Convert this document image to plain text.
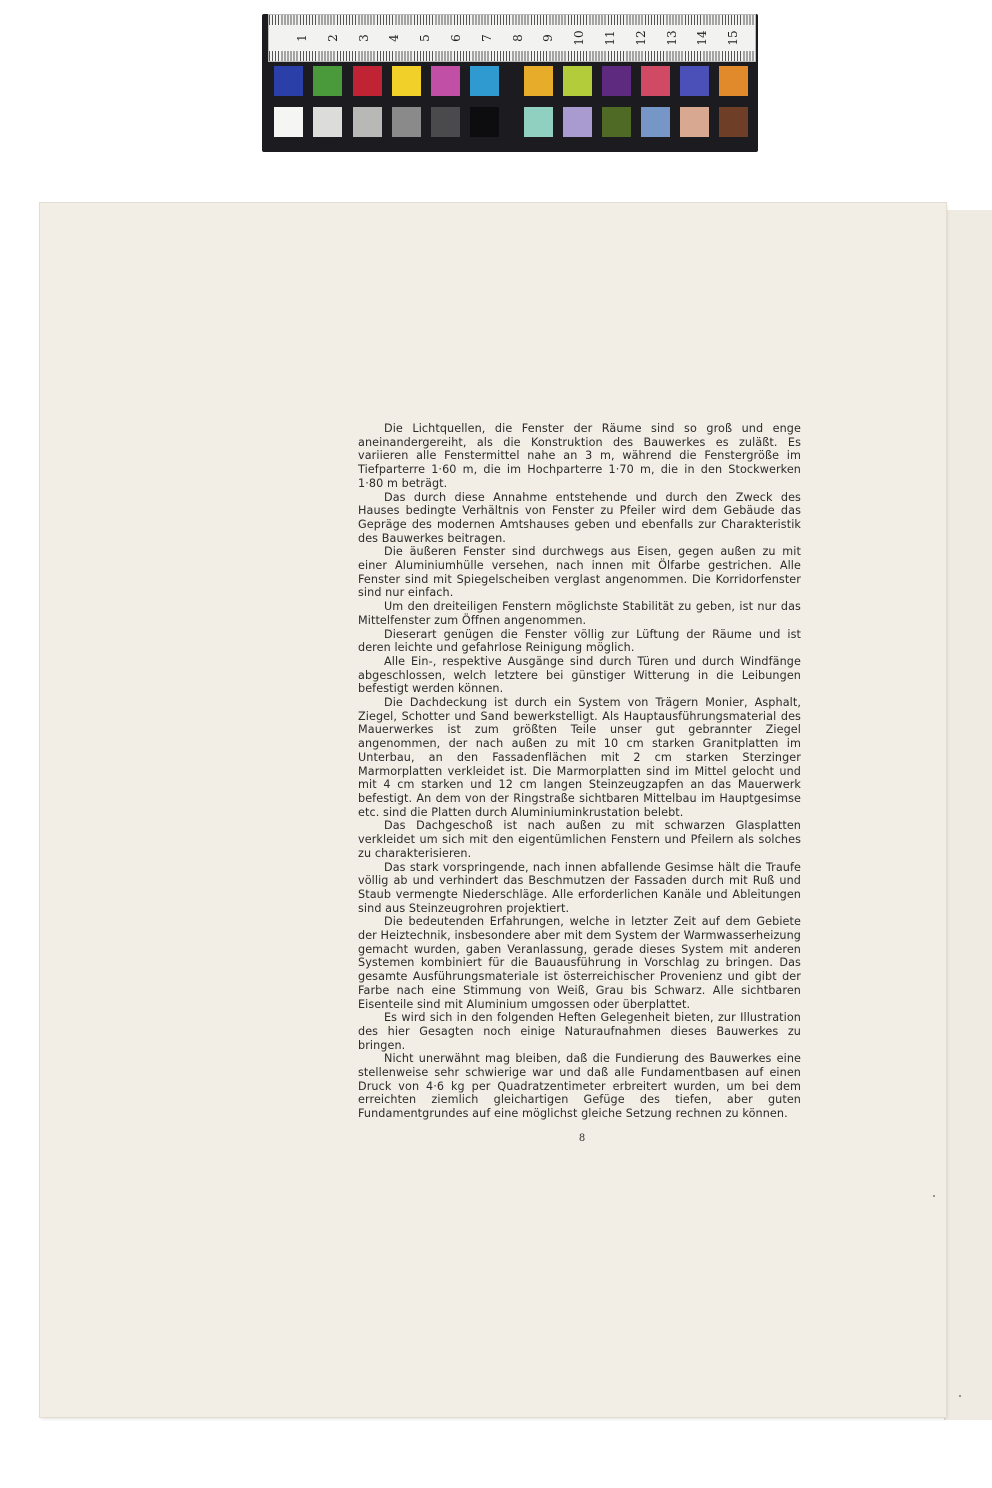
1 2 3 4 5 6 7 8 9 10 11 12 13 14 15

Die Lichtquellen, die Fenster der Räume sind so groß und enge aneinandergereiht, als die Konstruktion des Bauwerkes es zuläßt. Es variieren alle Fenstermittel nahe an 3 m, während die Fenstergröße im Tiefparterre 1·60 m, die im Hochparterre 1·70 m, die in den Stockwerken 1·80 m beträgt.

Das durch diese Annahme entstehende und durch den Zweck des Hauses bedingte Verhältnis von Fenster zu Pfeiler wird dem Gebäude das Gepräge des modernen Amtshauses geben und ebenfalls zur Charakteristik des Bauwerkes beitragen.

Die äußeren Fenster sind durchwegs aus Eisen, gegen außen zu mit einer Aluminiumhülle versehen, nach innen mit Ölfarbe gestrichen. Alle Fenster sind mit Spiegelscheiben verglast angenommen. Die Korridorfenster sind nur einfach.

Um den dreiteiligen Fenstern möglichste Stabilität zu geben, ist nur das Mittelfenster zum Öffnen angenommen.

Dieserart genügen die Fenster völlig zur Lüftung der Räume und ist deren leichte und gefahrlose Reinigung möglich.

Alle Ein-, respektive Ausgänge sind durch Türen und durch Windfänge abgeschlossen, welch letztere bei günstiger Witterung in die Leibungen befestigt werden können.

Die Dachdeckung ist durch ein System von Trägern Monier, Asphalt, Ziegel, Schotter und Sand bewerkstelligt. Als Hauptausführungsmaterial des Mauerwerkes ist zum größten Teile unser gut gebrannter Ziegel angenommen, der nach außen zu mit 10 cm starken Granitplatten im Unterbau, an den Fassadenflächen mit 2 cm starken Sterzinger Marmorplatten verkleidet ist. Die Marmorplatten sind im Mittel gelocht und mit 4 cm starken und 12 cm langen Steinzeugzapfen an das Mauerwerk befestigt. An dem von der Ringstraße sichtbaren Mittelbau im Hauptgesimse etc. sind die Platten durch Aluminiuminkrustation belebt.

Das Dachgeschoß ist nach außen zu mit schwarzen Glasplatten verkleidet um sich mit den eigentümlichen Fenstern und Pfeilern als solches zu charakterisieren.

Das stark vorspringende, nach innen abfallende Gesimse hält die Traufe völlig ab und verhindert das Beschmutzen der Fassaden durch mit Ruß und Staub vermengte Niederschläge. Alle erforderlichen Kanäle und Ableitungen sind aus Steinzeugrohren projektiert.

Die bedeutenden Erfahrungen, welche in letzter Zeit auf dem Gebiete der Heiztechnik, insbesondere aber mit dem System der Warmwasserheizung gemacht wurden, gaben Veranlassung, gerade dieses System mit anderen Systemen kombiniert für die Bauausführung in Vorschlag zu bringen. Das gesamte Ausführungsmateriale ist österreichischer Provenienz und gibt der Farbe nach eine Stimmung von Weiß, Grau bis Schwarz. Alle sichtbaren Eisenteile sind mit Aluminium umgossen oder überplattet.

Es wird sich in den folgenden Heften Gelegenheit bieten, zur Illustration des hier Gesagten noch einige Naturaufnahmen dieses Bauwerkes zu bringen.

Nicht unerwähnt mag bleiben, daß die Fundierung des Bauwerkes eine stellenweise sehr schwierige war und daß alle Fundamentbasen auf einen Druck von 4·6 kg per Quadratzentimeter erbreitert wurden, um bei dem erreichten ziemlich gleichartigen Gefüge des tiefen, aber guten Fundamentgrundes auf eine möglichst gleiche Setzung rechnen zu können.

8
